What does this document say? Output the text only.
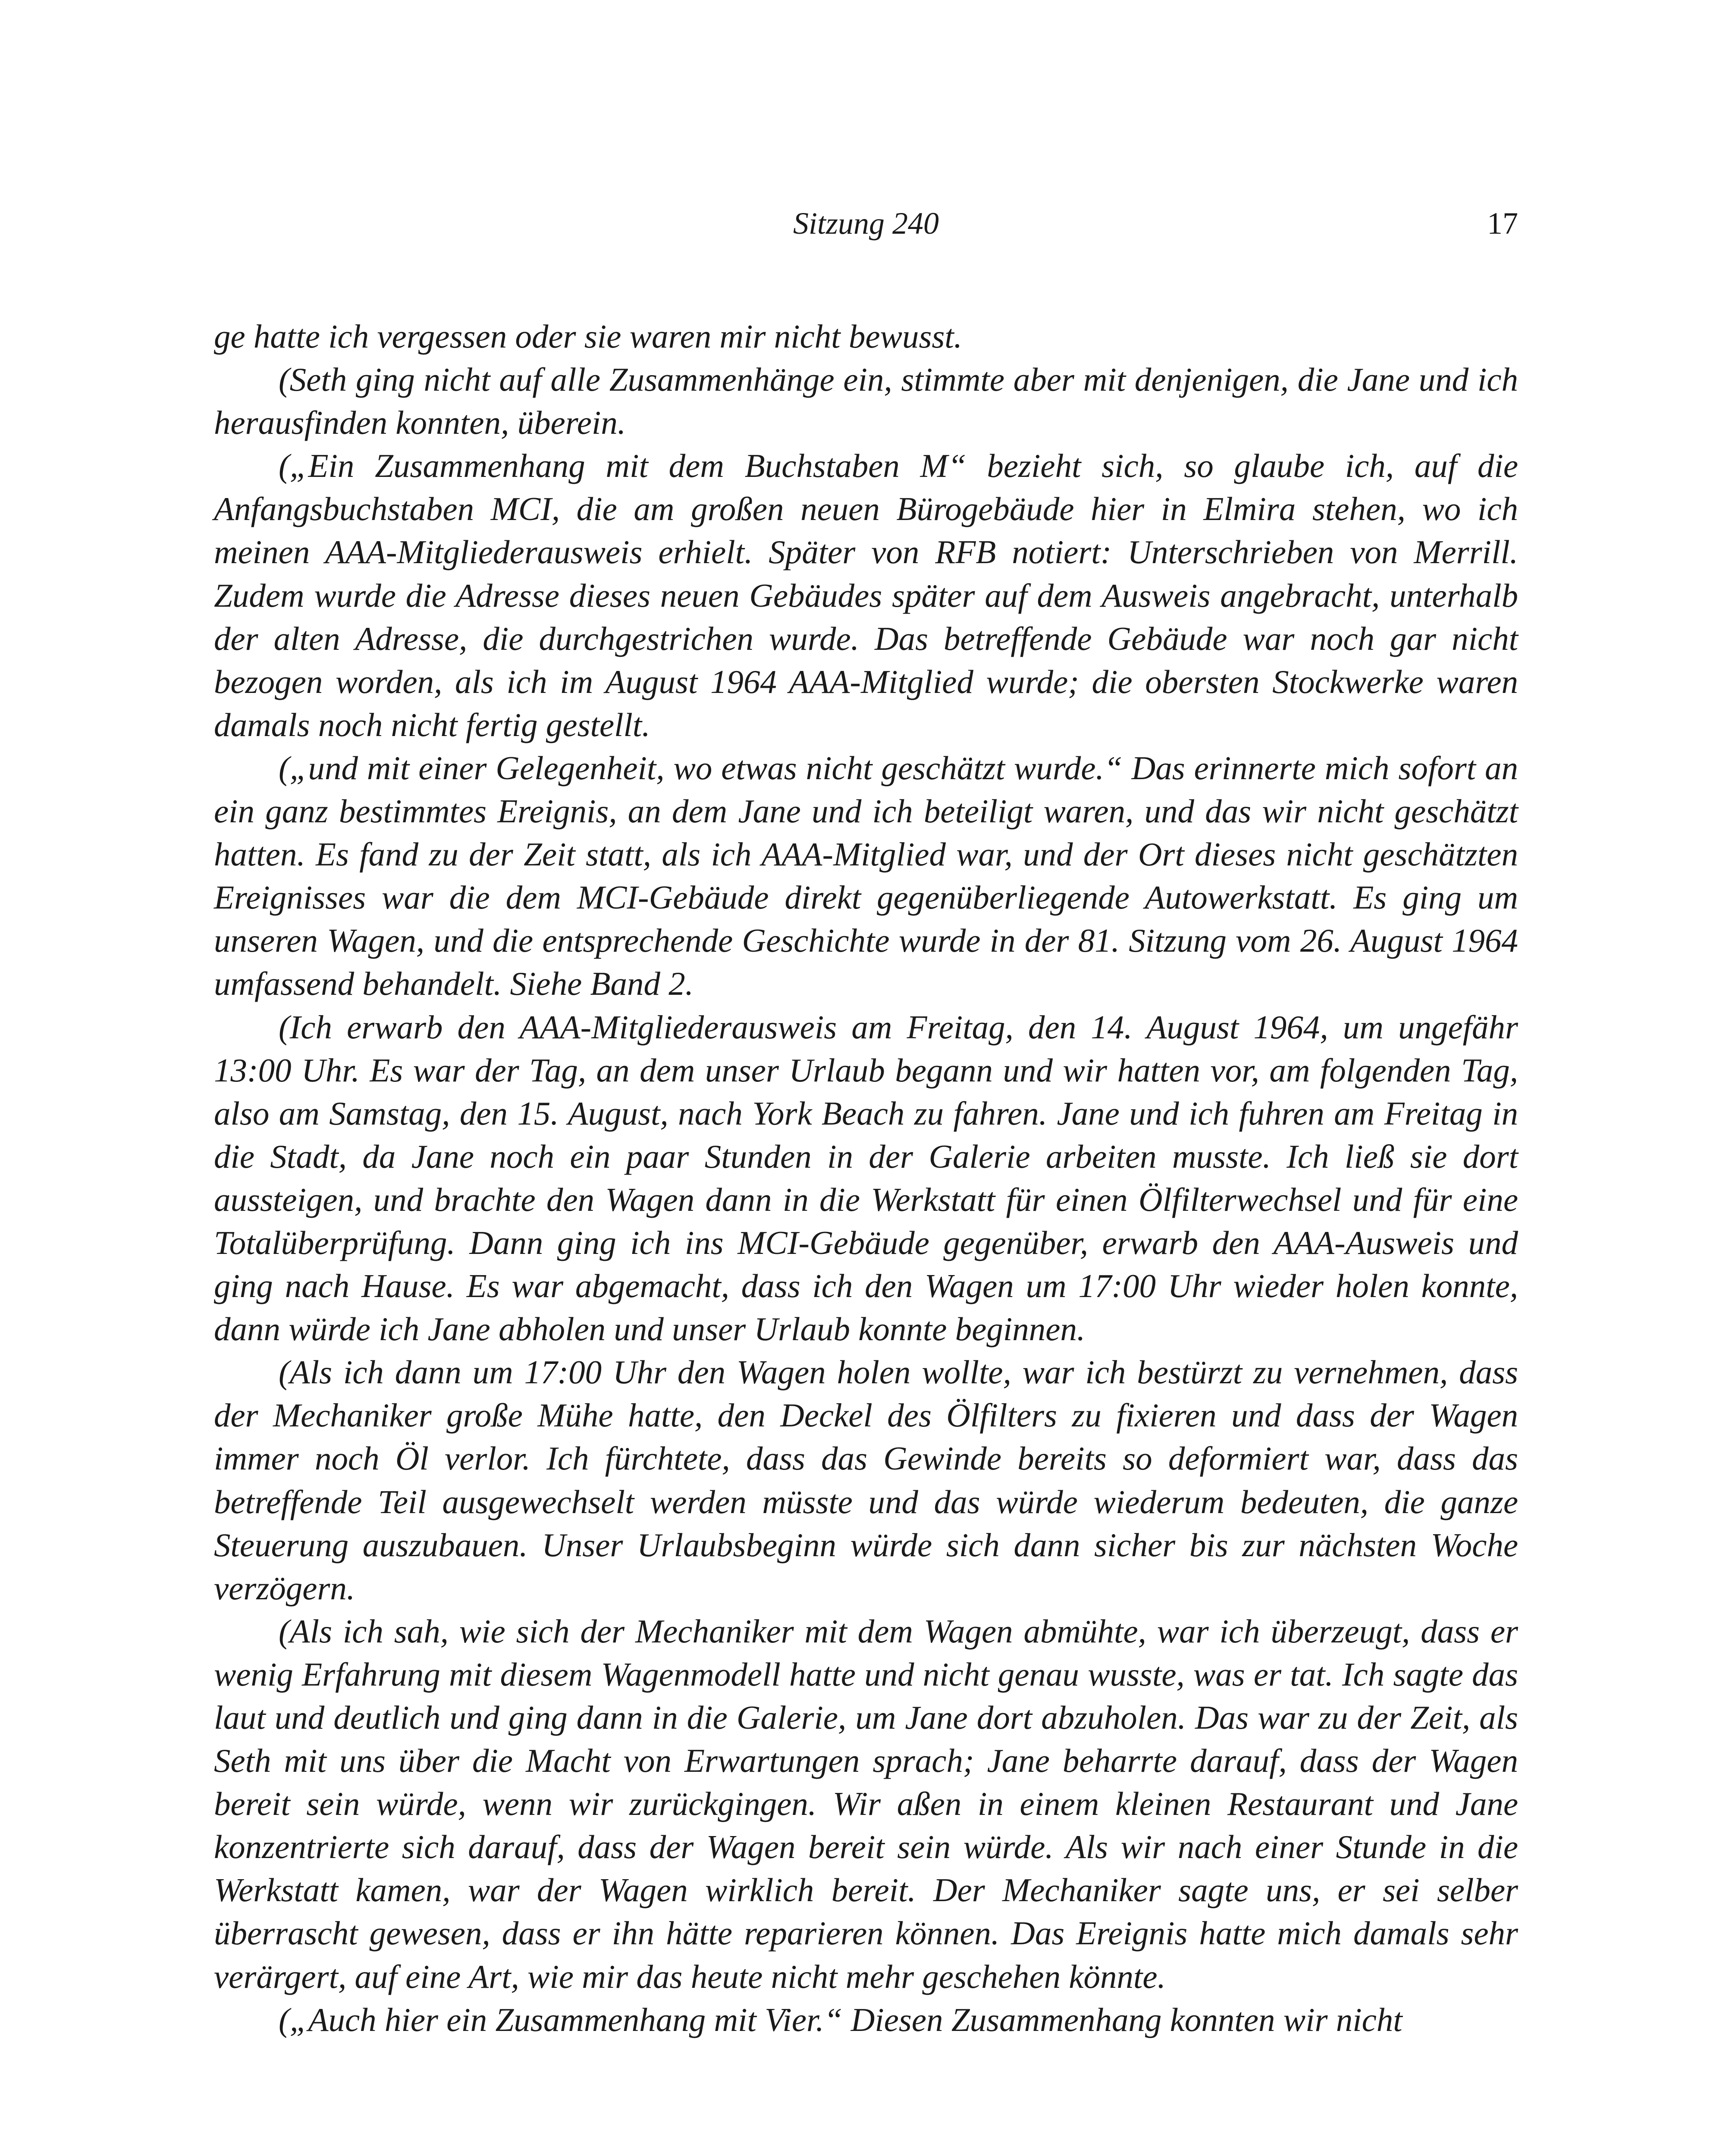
Sitzung 240	17

ge hatte ich vergessen oder sie waren mir nicht bewusst.

(Seth ging nicht auf alle Zusammenhänge ein, stimmte aber mit denjenigen, die Jane und ich herausfinden konnten, überein.

(„Ein Zusammenhang mit dem Buchstaben M“ bezieht sich, so glaube ich, auf die Anfangsbuchstaben MCI, die am großen neuen Bürogebäude hier in Elmira stehen, wo ich meinen AAA-Mitgliederausweis erhielt. Später von RFB notiert: Unterschrieben von Merrill. Zudem wurde die Adresse dieses neuen Gebäudes später auf dem Ausweis angebracht, unterhalb der alten Adresse, die durchgestrichen wurde. Das betreffende Gebäude war noch gar nicht bezogen worden, als ich im August 1964 AAA-Mitglied wurde; die obersten Stockwerke waren damals noch nicht fertig gestellt.

(„und mit einer Gelegenheit, wo etwas nicht geschätzt wurde.“ Das erinnerte mich sofort an ein ganz bestimmtes Ereignis, an dem Jane und ich beteiligt waren, und das wir nicht geschätzt hatten. Es fand zu der Zeit statt, als ich AAA-Mitglied war, und der Ort dieses nicht geschätzten Ereignisses war die dem MCI-Gebäude direkt gegenüberliegende Autowerkstatt. Es ging um unseren Wagen, und die entsprechende Geschichte wurde in der 81. Sitzung vom 26. August 1964 umfassend behandelt. Siehe Band 2.

(Ich erwarb den AAA-Mitgliederausweis am Freitag, den 14. August 1964, um ungefähr 13:00 Uhr. Es war der Tag, an dem unser Urlaub begann und wir hatten vor, am folgenden Tag, also am Samstag, den 15. August, nach York Beach zu fahren. Jane und ich fuhren am Freitag in die Stadt, da Jane noch ein paar Stunden in der Galerie arbeiten musste. Ich ließ sie dort aussteigen, und brachte den Wagen dann in die Werkstatt für einen Ölfilterwechsel und für eine Totalüberprüfung. Dann ging ich ins MCI-Gebäude gegenüber, erwarb den AAA-Ausweis und ging nach Hause. Es war abgemacht, dass ich den Wagen um 17:00 Uhr wieder holen konnte, dann würde ich Jane abholen und unser Urlaub konnte beginnen.

(Als ich dann um 17:00 Uhr den Wagen holen wollte, war ich bestürzt zu vernehmen, dass der Mechaniker große Mühe hatte, den Deckel des Ölfilters zu fixieren und dass der Wagen immer noch Öl verlor. Ich fürchtete, dass das Gewinde bereits so deformiert war, dass das betreffende Teil ausgewechselt werden müsste und das würde wiederum bedeuten, die ganze Steuerung auszubauen. Unser Urlaubsbeginn würde sich dann sicher bis zur nächsten Woche verzögern.

(Als ich sah, wie sich der Mechaniker mit dem Wagen abmühte, war ich überzeugt, dass er wenig Erfahrung mit diesem Wagenmodell hatte und nicht genau wusste, was er tat. Ich sagte das laut und deutlich und ging dann in die Galerie, um Jane dort abzuholen. Das war zu der Zeit, als Seth mit uns über die Macht von Erwartungen sprach; Jane beharrte darauf, dass der Wagen bereit sein würde, wenn wir zurückgingen. Wir aßen in einem kleinen Restaurant und Jane konzentrierte sich darauf, dass der Wagen bereit sein würde. Als wir nach einer Stunde in die Werkstatt kamen, war der Wagen wirklich bereit. Der Mechaniker sagte uns, er sei selber überrascht gewesen, dass er ihn hätte reparieren können. Das Ereignis hatte mich damals sehr verärgert, auf eine Art, wie mir das heute nicht mehr geschehen könnte.

(„Auch hier ein Zusammenhang mit Vier.“ Diesen Zusammenhang konnten wir nicht
